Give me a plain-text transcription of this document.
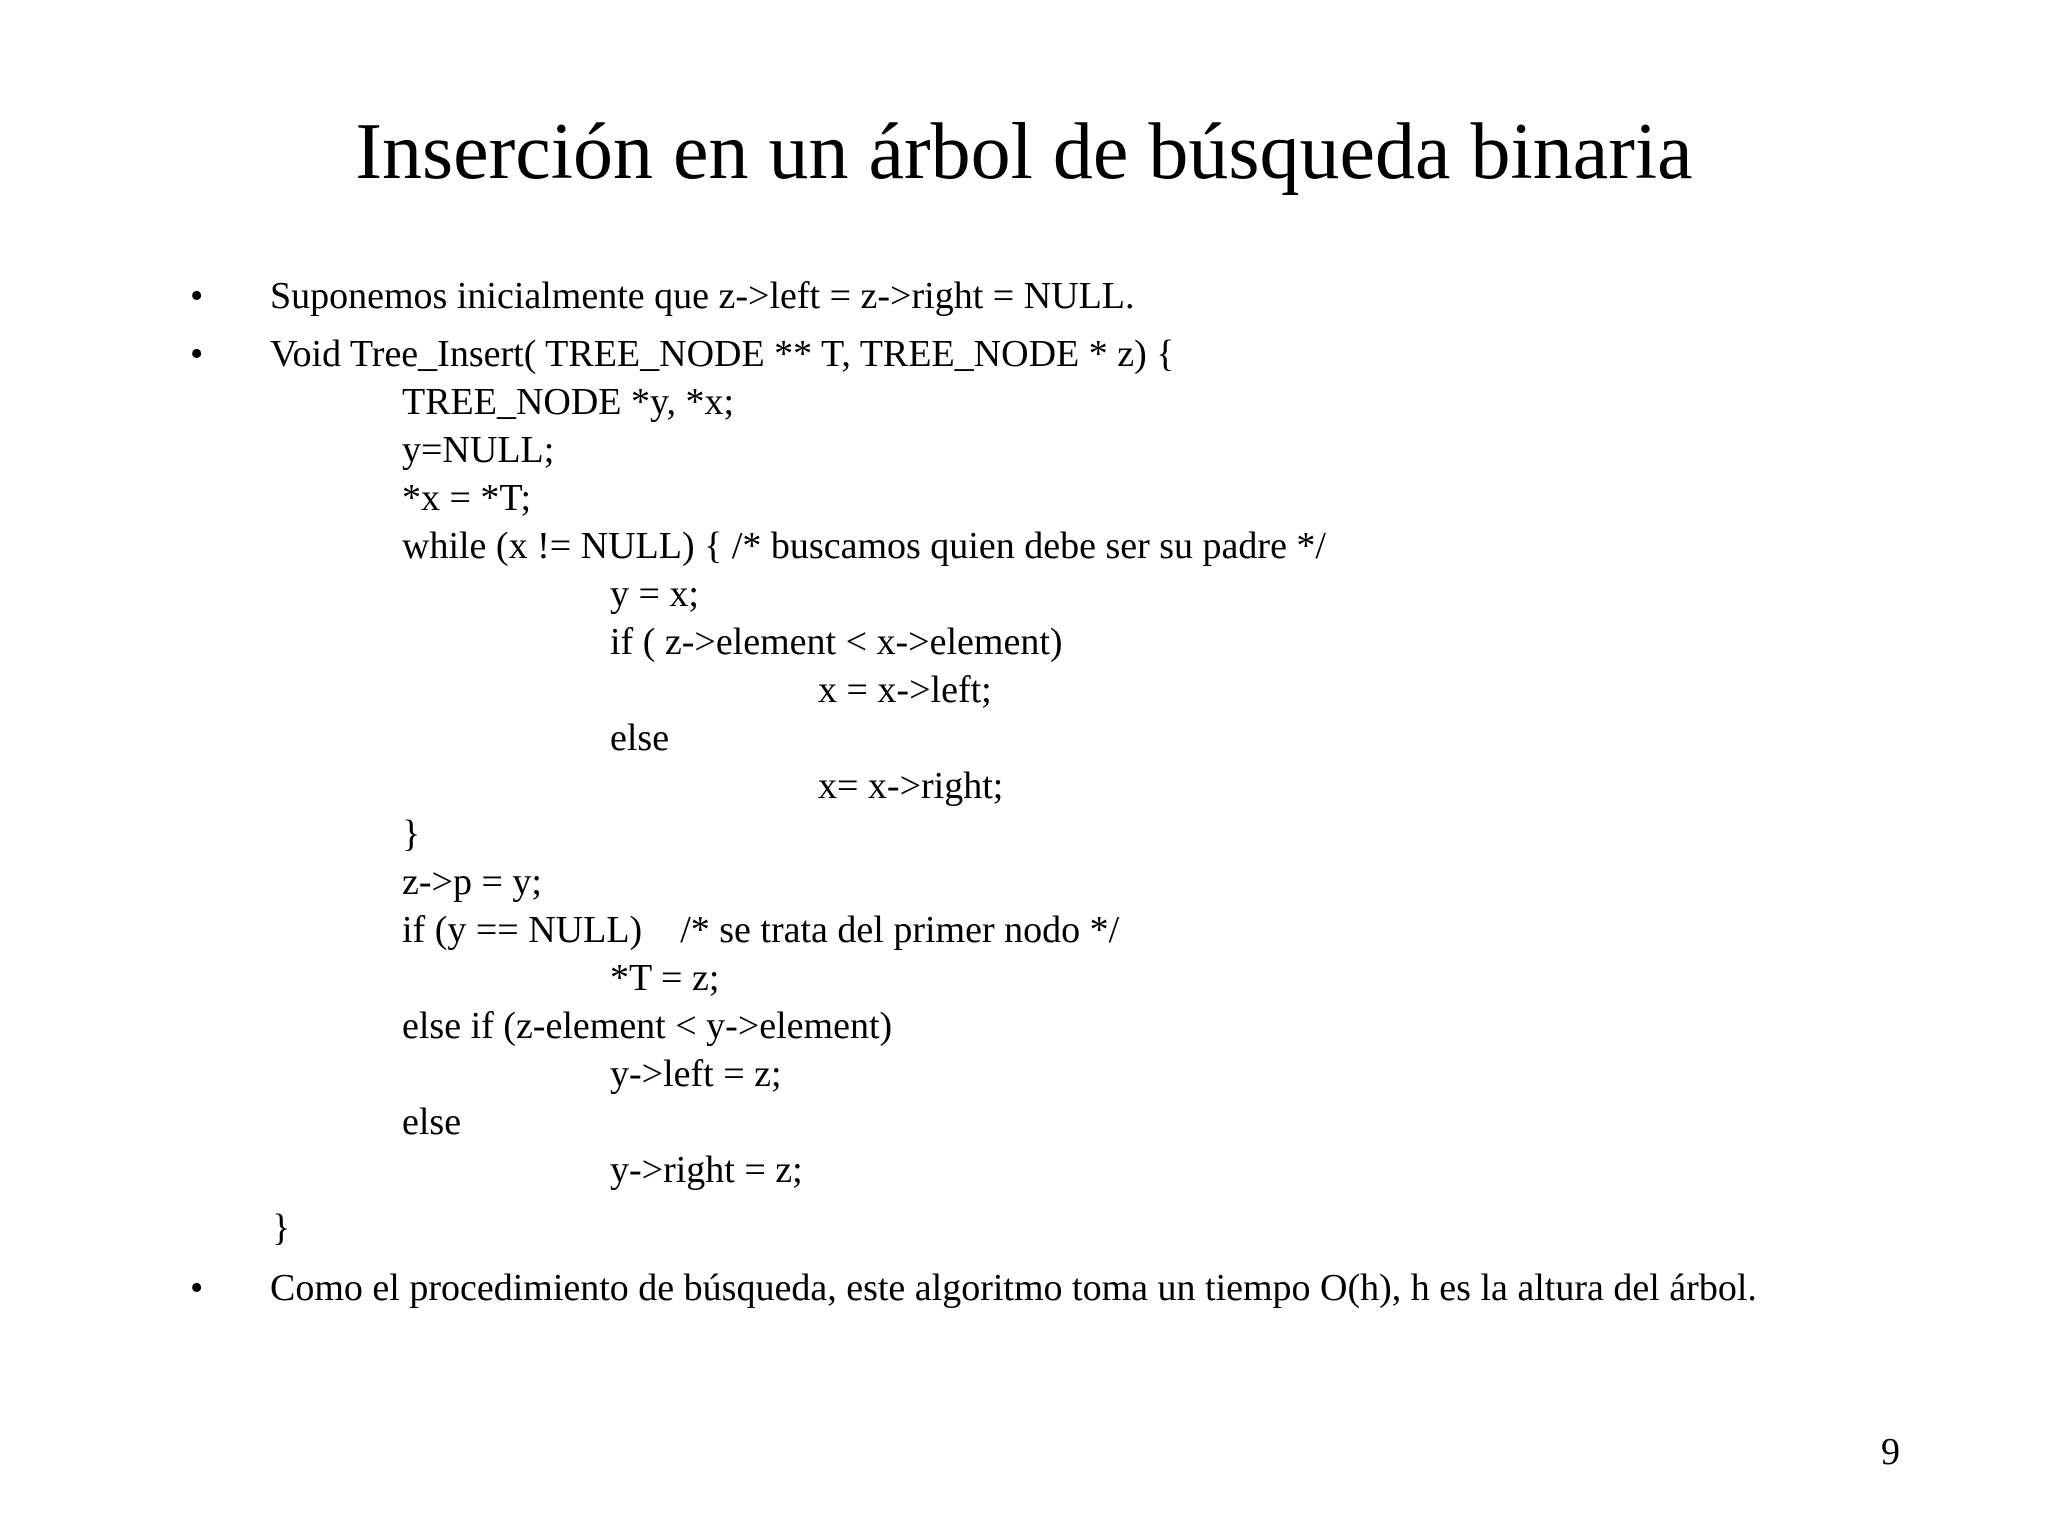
Inserción en un árbol de búsqueda binaria
• Suponemos inicialmente que z->left = z->right = NULL.
• Void Tree_Insert( TREE_NODE ** T, TREE_NODE * z) {
TREE_NODE *y, *x;
y=NULL;
*x = *T;
while (x != NULL) { /* buscamos quien debe ser su padre */
y = x;
if ( z->element < x->element)
x = x->left;
else
x= x->right;
}
z->p = y;
if (y == NULL)    /* se trata del primer nodo */
*T = z;
else if (z-element < y->element)
y->left = z;
else
y->right = z;
}
• Como el procedimiento de búsqueda, este algoritmo toma un tiempo O(h), h es la altura del árbol.
9
